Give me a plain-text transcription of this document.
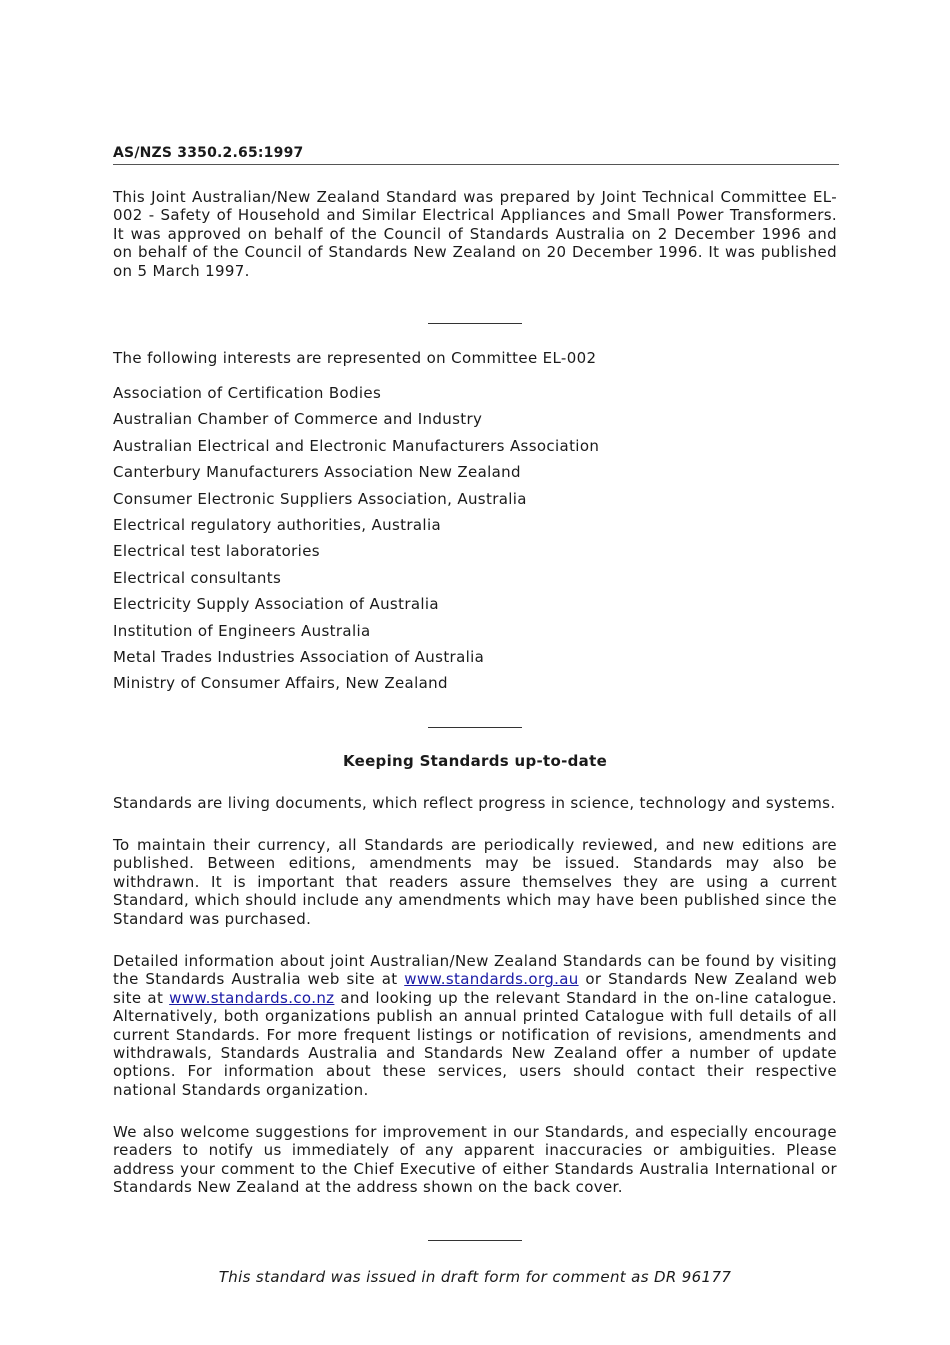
AS/NZS 3350.2.65:1997

This Joint Australian/New Zealand Standard was prepared by Joint Technical Committee EL-002 - Safety of Household and Similar Electrical Appliances and Small Power Transformers. It was approved on behalf of the Council of Standards Australia on 2 December 1996 and on behalf of the Council of Standards New Zealand on 20 December 1996. It was published on 5 March 1997.

The following interests are represented on Committee EL-002

Association of Certification Bodies
Australian Chamber of Commerce and Industry
Australian Electrical and Electronic Manufacturers Association
Canterbury Manufacturers Association New Zealand
Consumer Electronic Suppliers Association, Australia
Electrical regulatory authorities, Australia
Electrical test laboratories
Electrical consultants
Electricity Supply Association of Australia
Institution of Engineers Australia
Metal Trades Industries Association of Australia
Ministry of Consumer Affairs, New Zealand
Keeping Standards up-to-date

Standards are living documents, which reflect progress in science, technology and systems.

To maintain their currency, all Standards are periodically reviewed, and new editions are published. Between editions, amendments may be issued. Standards may also be withdrawn. It is important that readers assure themselves they are using a current Standard, which should include any amendments which may have been published since the Standard was purchased.

Detailed information about joint Australian/New Zealand Standards can be found by visiting the Standards Australia web site at www.standards.org.au or Standards New Zealand web site at www.standards.co.nz and looking up the relevant Standard in the on-line catalogue. Alternatively, both organizations publish an annual printed Catalogue with full details of all current Standards. For more frequent listings or notification of revisions, amendments and withdrawals, Standards Australia and Standards New Zealand offer a number of update options. For information about these services, users should contact their respective national Standards organization.

We also welcome suggestions for improvement in our Standards, and especially encourage readers to notify us immediately of any apparent inaccuracies or ambiguities. Please address your comment to the Chief Executive of either Standards Australia International or Standards New Zealand at the address shown on the back cover.

This standard was issued in draft form for comment as DR 96177
